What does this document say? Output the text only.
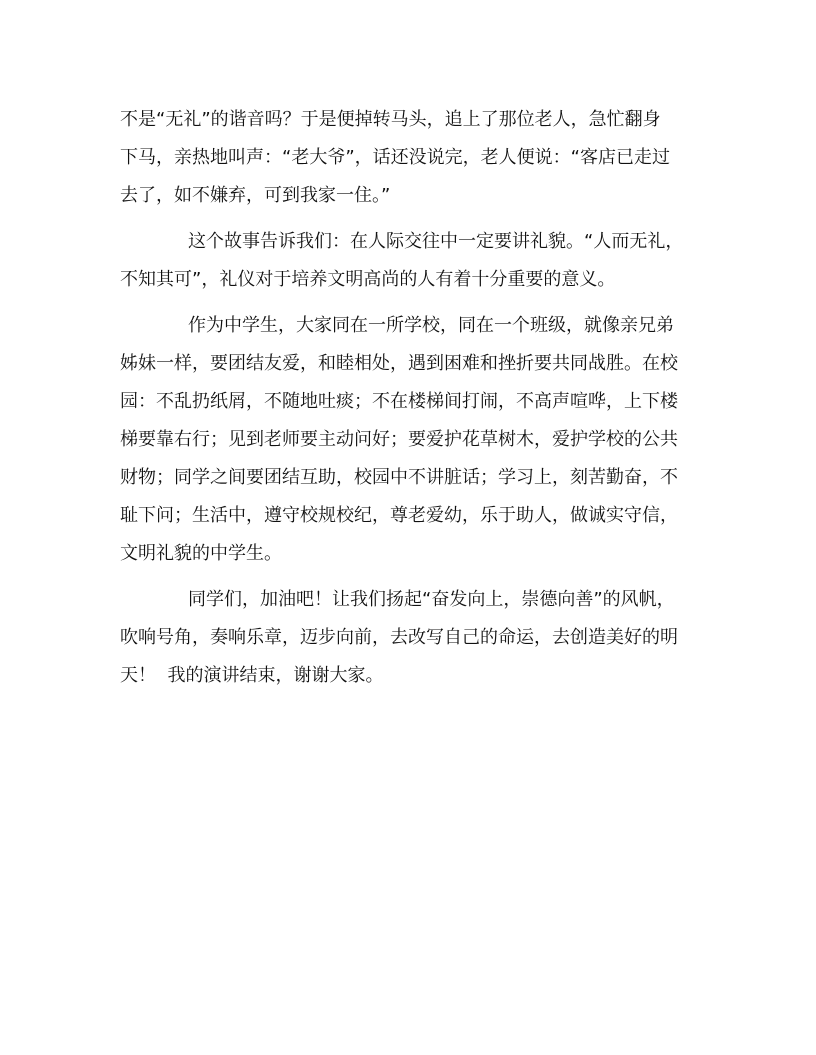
不是“无礼”的谐音吗？于是便掉转马头，追上了那位老人，急忙翻身
下马，亲热地叫声：“老大爷”，话还没说完，老人便说：“客店已走过
去了，如不嫌弃，可到我家一住。”
这个故事告诉我们：在人际交往中一定要讲礼貌。“人而无礼，
不知其可”，礼仪对于培养文明高尚的人有着十分重要的意义。
作为中学生，大家同在一所学校，同在一个班级，就像亲兄弟
姊妹一样，要团结友爱，和睦相处，遇到困难和挫折要共同战胜。在校
园：不乱扔纸屑，不随地吐痰；不在楼梯间打闹，不高声喧哗，上下楼
梯要靠右行；见到老师要主动问好；要爱护花草树木，爱护学校的公共
财物；同学之间要团结互助，校园中不讲脏话；学习上，刻苦勤奋，不
耻下问；生活中，遵守校规校纪，尊老爱幼，乐于助人，做诚实守信，
文明礼貌的中学生。
同学们，加油吧！让我们扬起“奋发向上，崇德向善”的风帆，
吹响号角，奏响乐章，迈步向前，去改写自己的命运，去创造美好的明
天！  我的演讲结束，谢谢大家。
